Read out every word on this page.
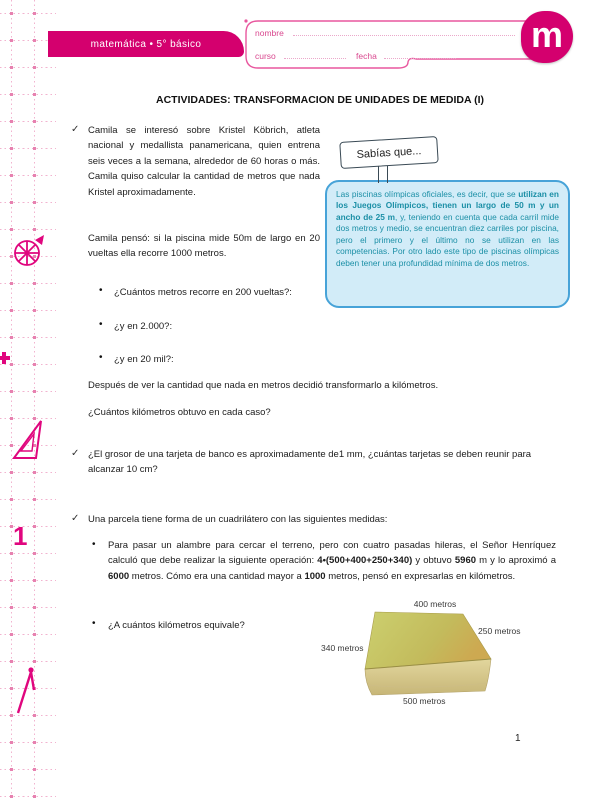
1
matemática • 5° básico
nombre
curso	fecha
m
ACTIVIDADES: TRANSFORMACION DE UNIDADES DE MEDIDA (I)
✓ Camila se interesó sobre Kristel Köbrich, atleta nacional y medallista panamericana, quien entrena seis veces a la semana, alrededor de 60 horas o más. Camila quiso calcular la cantidad de metros que nada Kristel aproximadamente.
Camila pensó: si la piscina mide 50m de largo en 20 vueltas ella recorre 1000 metros.
• ¿Cuántos metros recorre en 200 vueltas?:
• ¿y en 2.000?:
• ¿y en 20 mil?:
Después de ver la cantidad que nada en metros decidió transformarlo a kilómetros.
¿Cuántos kilómetros obtuvo en cada caso?
Sabías que...
Las piscinas olímpicas oficiales, es decir, que se utilizan en los Juegos Olímpicos, tienen un largo de 50 m y un ancho de 25 m, y, teniendo en cuenta que cada carril mide dos metros y medio, se encuentran diez carriles por piscina, pero el primero y el último no se utilizan en las competencias. Por otro lado este tipo de piscinas olímpicas deben tener una profundidad mínima de dos metros.
✓ ¿El grosor de una tarjeta de banco es aproximadamente de1 mm, ¿cuántas tarjetas se deben reunir para alcanzar 10 cm?
✓ Una parcela tiene forma de un cuadrilátero con las siguientes medidas:
• Para pasar un alambre para cercar el terreno, pero con cuatro pasadas hileras, el Señor Henríquez calculó que debe realizar la siguiente operación: 4•(500+400+250+340) y obtuvo 5960 m y lo aproximó a 6000 metros. Cómo era una cantidad mayor a 1000 metros, pensó en expresarlas en kilómetros.
• ¿A cuántos kilómetros equivale?
400 metros
250 metros
340 metros
500 metros
1
